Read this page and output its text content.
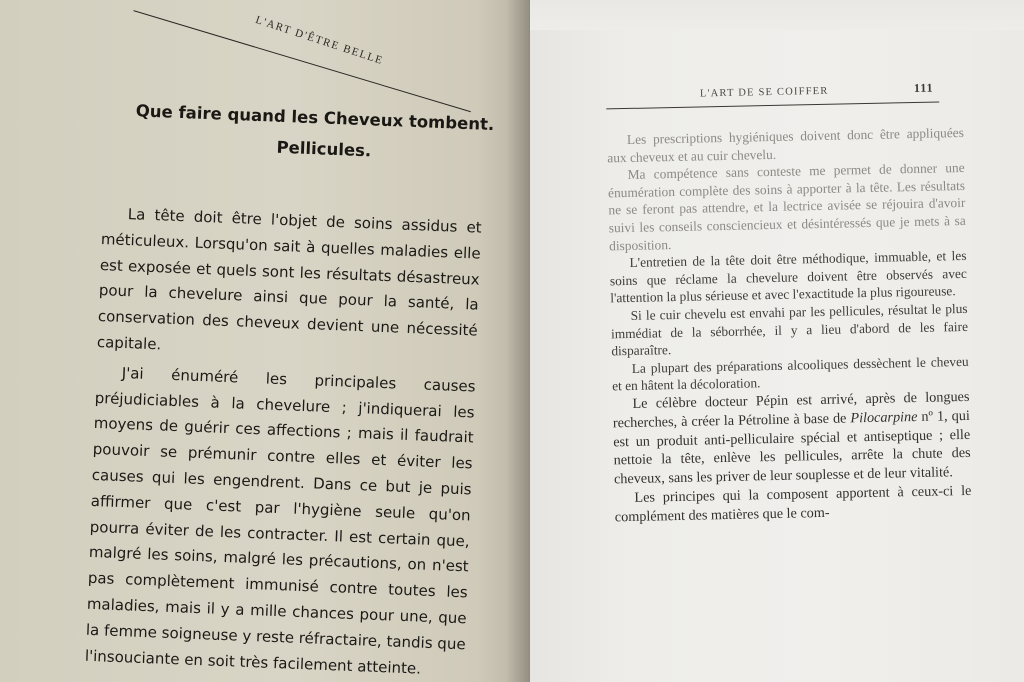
L'ART D'ÊTRE BELLE
Que faire quand les Cheveux tombent.
Pellicules.

La tête doit être l'objet de soins assidus et méticuleux. Lorsqu'on sait à quelles maladies elle est exposée et quels sont les résultats désastreux pour la chevelure ainsi que pour la santé, la conservation des cheveux devient une nécessité capitale.

J'ai énuméré les principales causes préjudiciables à la chevelure ; j'indiquerai les moyens de guérir ces affections ; mais il faudrait pouvoir se prémunir contre elles et éviter les causes qui les engendrent. Dans ce but je puis affirmer que c'est par l'hygiène seule qu'on pourra éviter de les contracter. Il est certain que, malgré les soins, malgré les précautions, on n'est pas complètement immunisé contre toutes les maladies, mais il y a mille chances pour une, que la femme soigneuse y reste réfractaire, tandis que l'insouciante en soit très facilement atteinte.

L'ART DE SE COIFFER	111

Les prescriptions hygiéniques doivent donc être appliquées aux cheveux et au cuir chevelu.

Ma compétence sans conteste me permet de donner une énumération complète des soins à apporter à la tête. Les résultats ne se feront pas attendre, et la lectrice avisée se réjouira d'avoir suivi les conseils consciencieux et désintéressés que je mets à sa disposition.

L'entretien de la tête doit être méthodique, immuable, et les soins que réclame la chevelure doivent être observés avec l'attention la plus sérieuse et avec l'exactitude la plus rigoureuse.

Si le cuir chevelu est envahi par les pellicules, résultat le plus immédiat de la séborrhée, il y a lieu d'abord de les faire disparaître.

La plupart des préparations alcooliques dessèchent le cheveu et en hâtent la décoloration.

Le célèbre docteur Pépin est arrivé, après de longues recherches, à créer la Pétroline à base de Pilocarpine nº 1, qui est un produit anti-pelliculaire spécial et antiseptique ; elle nettoie la tête, enlève les pellicules, arrête la chute des cheveux, sans les priver de leur souplesse et de leur vitalité.

Les principes qui la composent apportent à ceux-ci le complément des matières que le com-
